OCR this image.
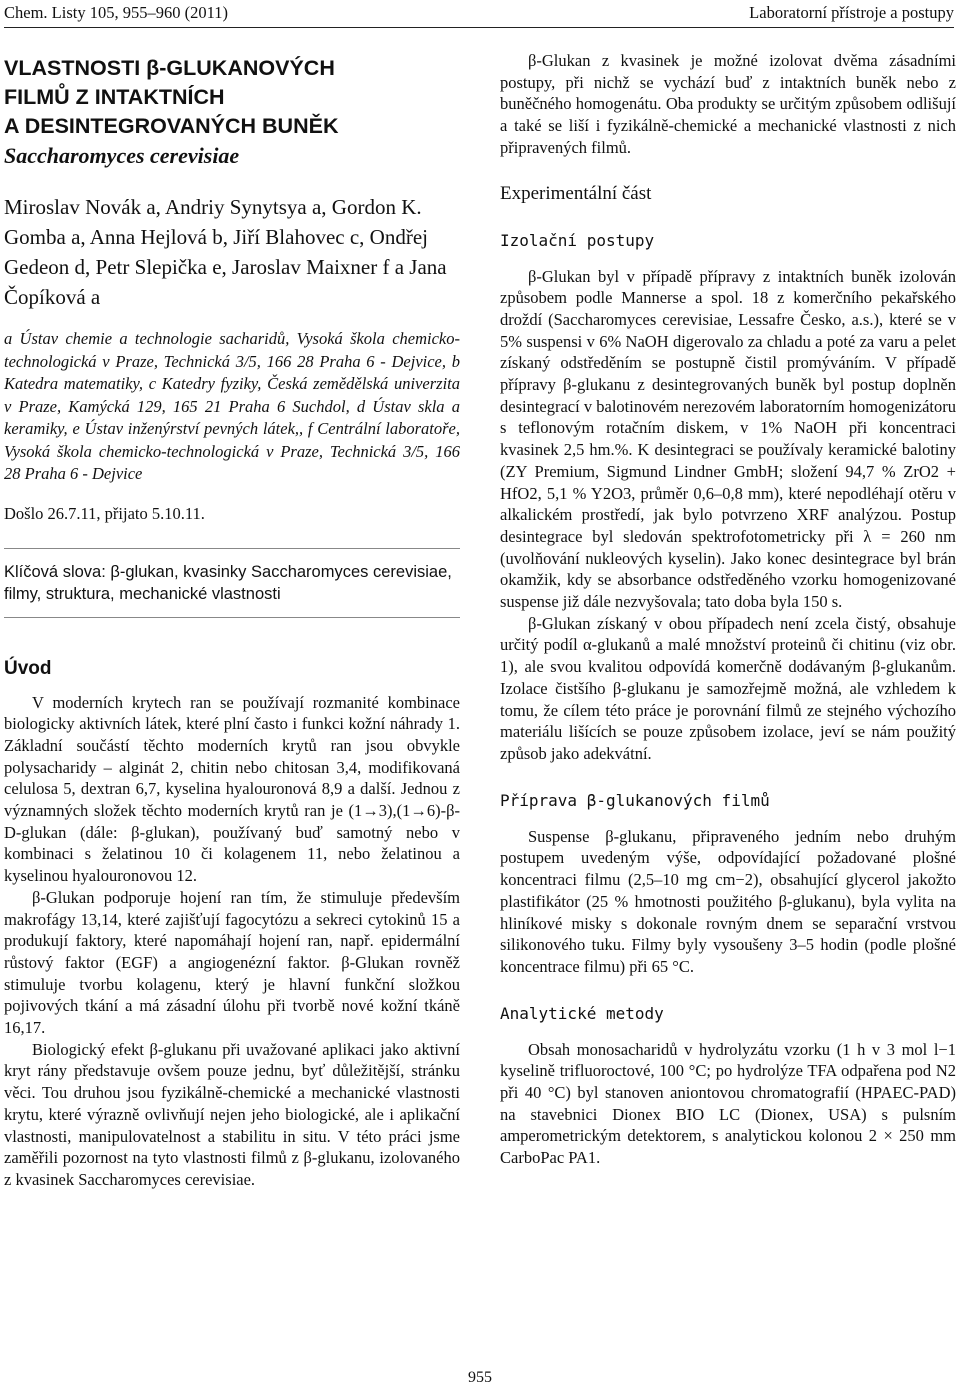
Chem. Listy 105, 955–960 (2011)	Laboratorní přístroje a postupy
VLASTNOSTI β-GLUKANOVÝCH
FILMŮ Z INTAKTNÍCH
A DESINTEGROVANÝCH BUNĚK
Saccharomyces cerevisiae
Miroslav Novák a, Andriy Synytsya a, Gordon K. Gomba a, Anna Hejlová b, Jiří Blahovec c, Ondřej Gedeon d, Petr Slepička e, Jaroslav Maixner f a Jana Čopíková a
a Ústav chemie a technologie sacharidů, Vysoká škola chemicko-technologická v Praze, Technická 3/5, 166 28 Praha 6 - Dejvice, b Katedra matematiky, c Katedry fyziky, Česká zemědělská univerzita v Praze, Kamýcká 129, 165 21 Praha 6 Suchdol, d Ústav skla a keramiky, e Ústav inženýrství pevných látek,, f Centrální laboratoře, Vysoká škola chemicko-technologická v Praze, Technická 3/5, 166 28 Praha 6 - Dejvice
Došlo 26.7.11, přijato 5.10.11.
Klíčová slova: β-glukan, kvasinky Saccharomyces cerevisiae, filmy, struktura, mechanické vlastnosti
Úvod

V moderních krytech ran se používají rozmanité kombinace biologicky aktivních látek, které plní často i funkci kožní náhrady 1. Základní součástí těchto moderních krytů ran jsou obvykle polysacharidy – alginát 2, chitin nebo chitosan 3,4, modifikovaná celulosa 5, dextran 6,7, kyselina hyalouronová 8,9 a další. Jednou z významných složek těchto moderních krytů ran je (1→3),(1→6)-β-D-glukan (dále: β-glukan), používaný buď samotný nebo v kombinaci s želatinou 10 či kolagenem 11, nebo želatinou a kyselinou hyalouronovou 12.

β-Glukan podporuje hojení ran tím, že stimuluje především makrofágy 13,14, které zajišťují fagocytózu a sekreci cytokinů 15 a produkují faktory, které napomáhají hojení ran, např. epidermální růstový faktor (EGF) a angiogenézní faktor. β-Glukan rovněž stimuluje tvorbu kolagenu, který je hlavní funkční složkou pojivových tkání a má zásadní úlohu při tvorbě nové kožní tkáně 16,17.

Biologický efekt β-glukanu při uvažované aplikaci jako aktivní kryt rány představuje ovšem pouze jednu, byť důležitější, stránku věci. Tou druhou jsou fyzikálně-chemické a mechanické vlastnosti krytu, které výrazně ovlivňují nejen jeho biologické, ale i aplikační vlastnosti, manipulovatelnost a stabilitu in situ. V této práci jsme zaměřili pozornost na tyto vlastnosti filmů z β-glukanu, izolovaného z kvasinek Saccharomyces cerevisiae.

β-Glukan z kvasinek je možné izolovat dvěma zásadními postupy, při nichž se vychází buď z intaktních buněk nebo z buněčného homogenátu. Oba produkty se určitým způsobem odlišují a také se liší i fyzikálně-chemické a mechanické vlastnosti z nich připravených filmů.

Experimentální část
Izolační postupy

β-Glukan byl v případě přípravy z intaktních buněk izolován způsobem podle Mannerse a spol. 18 z komerčního pekařského droždí (Saccharomyces cerevisiae, Lessafre Česko, a.s.), které se v 5% suspensi v 6% NaOH digerovalo za chladu a poté za varu a pelet získaný odstředěním se postupně čistil promýváním. V případě přípravy β-glukanu z desintegrovaných buněk byl postup doplněn desintegrací v balotinovém nerezovém laboratorním homogenizátoru s teflonovým rotačním diskem, v 1% NaOH při koncentraci kvasinek 2,5 hm.%. K desintegraci se používaly keramické balotiny (ZY Premium, Sigmund Lindner GmbH; složení 94,7 % ZrO2 + HfO2, 5,1 % Y2O3, průměr 0,6–0,8 mm), které nepodléhají otěru v alkalickém prostředí, jak bylo potvrzeno XRF analýzou. Postup desintegrace byl sledován spektrofotometricky při λ = 260 nm (uvolňování nukleových kyselin). Jako konec desintegrace byl brán okamžik, kdy se absorbance odstředěného vzorku homogenizované suspense již dále nezvyšovala; tato doba byla 150 s.

β-Glukan získaný v obou případech není zcela čistý, obsahuje určitý podíl α-glukanů a malé množství proteinů či chitinu (viz obr. 1), ale svou kvalitou odpovídá komerčně dodávaným β-glukanům. Izolace čistšího β-glukanu je samozřejmě možná, ale vzhledem k tomu, že cílem této práce je porovnání filmů ze stejného výchozího materiálu lišících se pouze způsobem izolace, jeví se nám použitý způsob jako adekvátní.

Příprava β-glukanových filmů

Suspense β-glukanu, připraveného jedním nebo druhým postupem uvedeným výše, odpovídající požadované plošné koncentraci filmu (2,5–10 mg cm−2), obsahující glycerol jakožto plastifikátor (25 % hmotnosti použitého β-glukanu), byla vylita na hliníkové misky s dokonale rovným dnem se separační vrstvou silikonového tuku. Filmy byly vysoušeny 3–5 hodin (podle plošné koncentrace filmu) při 65 °C.

Analytické metody

Obsah monosacharidů v hydrolyzátu vzorku (1 h v 3 mol l−1 kyselině trifluoroctové, 100 °C; po hydrolýze TFA odpařena pod N2 při 40 °C) byl stanoven aniontovou chromatografií (HPAEC-PAD) na stavebnici Dionex BIO LC (Dionex, USA) s pulsním amperometrickým detektorem, s analytickou kolonou 2 × 250 mm CarboPac PA1.

955
